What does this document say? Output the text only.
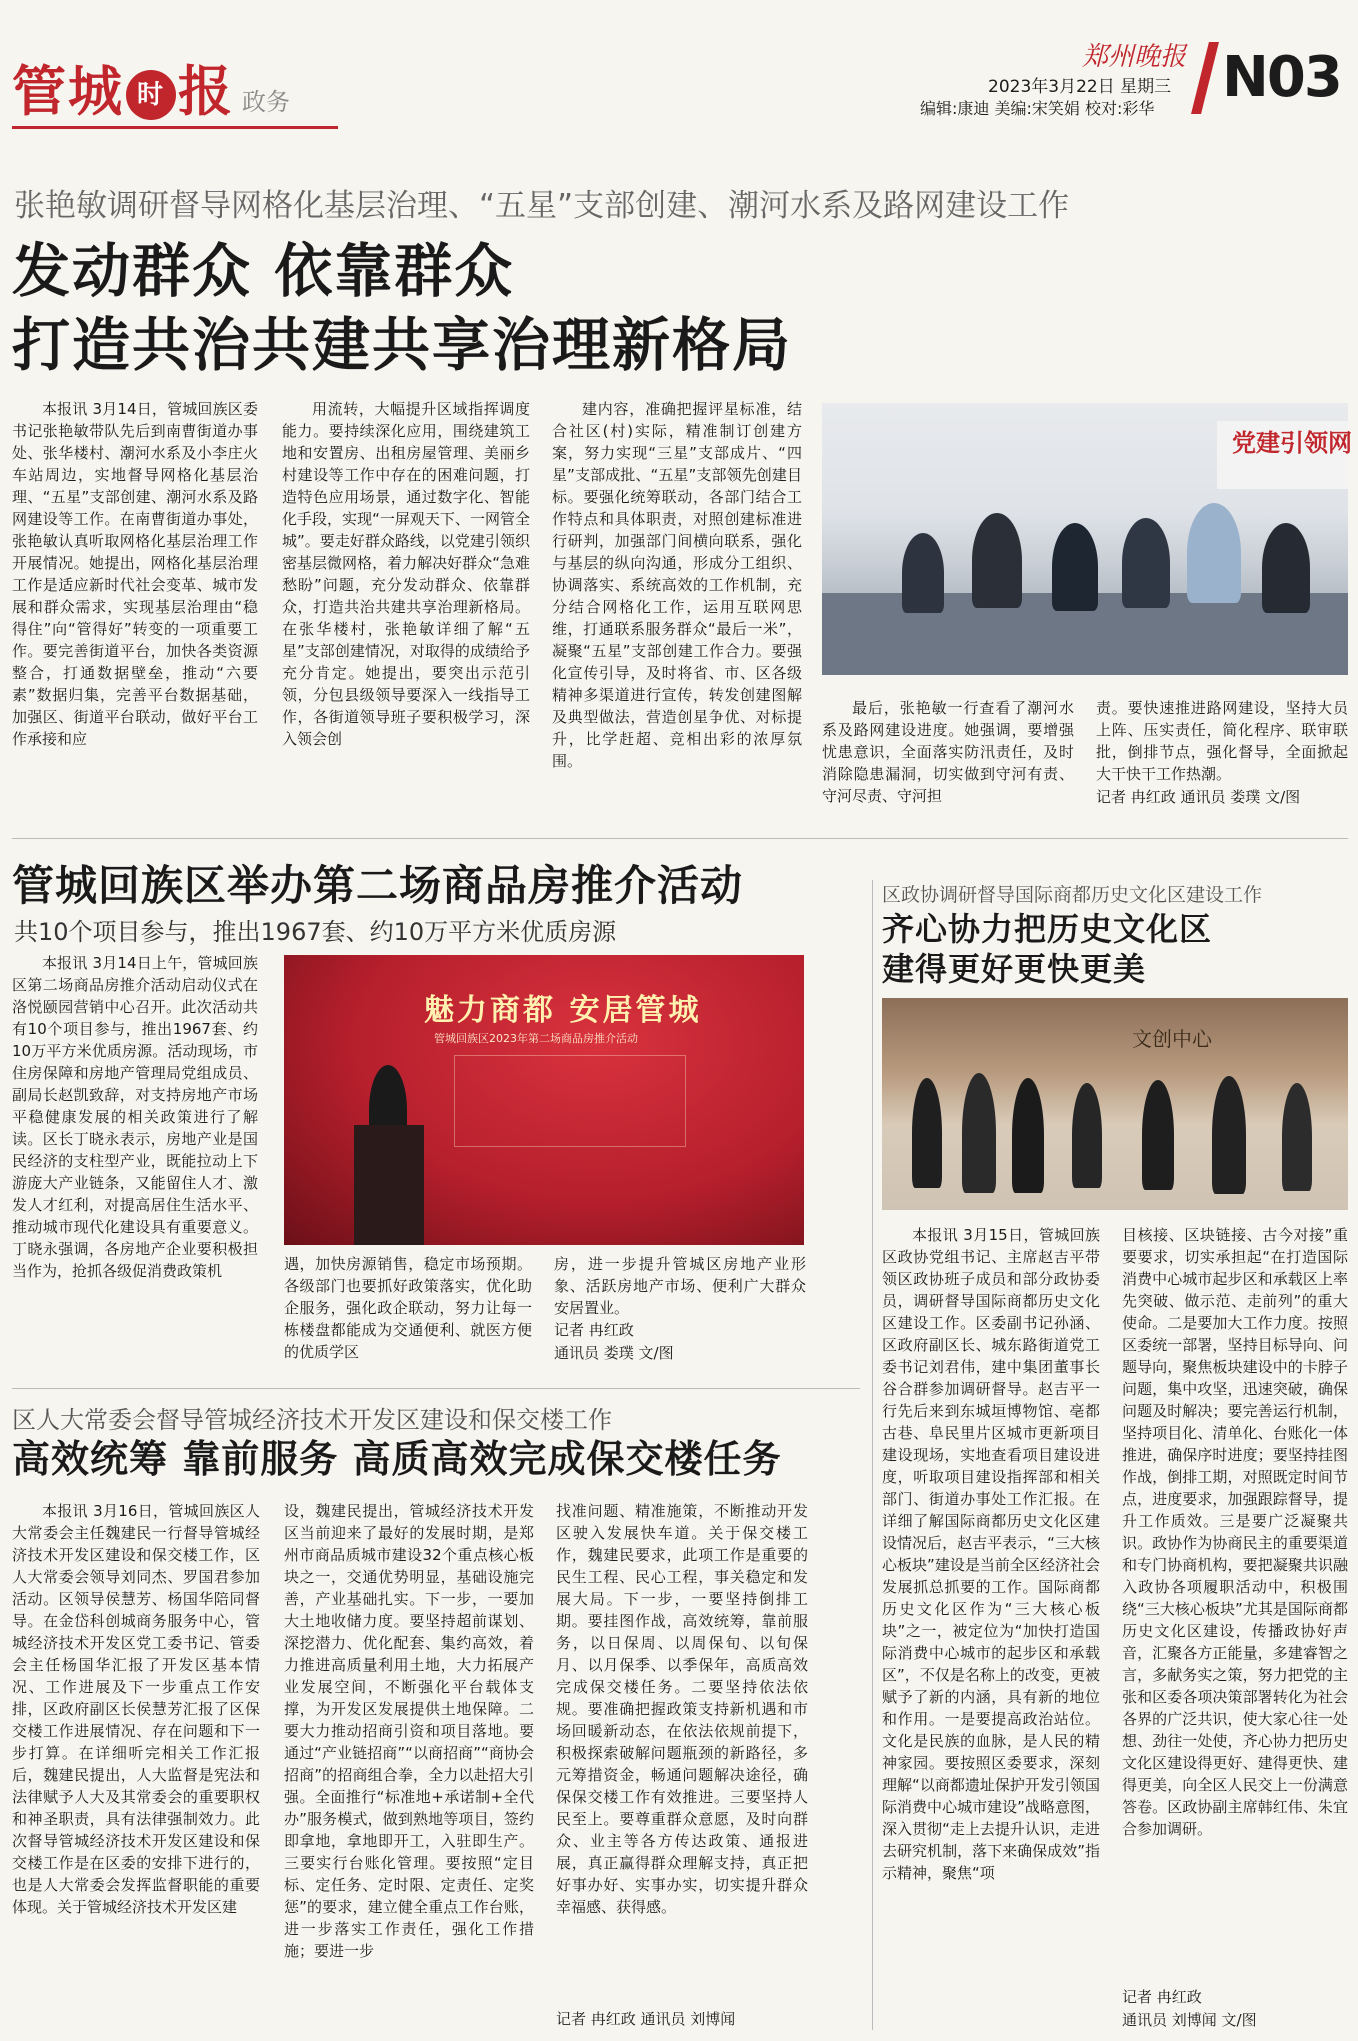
管城 时 报 政务
郑州晚报
2023年3月22日 星期三
编辑:康迪 美编:宋笑娟 校对:彩华 N03
张艳敏调研督导网格化基层治理、“五星”支部创建、潮河水系及路网建设工作
发动群众 依靠群众
打造共治共建共享治理新格局

本报讯 3月14日，管城回族区委书记张艳敏带队先后到南曹街道办事处、张华楼村、潮河水系及小李庄火车站周边，实地督导网格化基层治理、“五星”支部创建、潮河水系及路网建设等工作。在南曹街道办事处，张艳敏认真听取网格化基层治理工作开展情况。她提出，网格化基层治理工作是适应新时代社会变革、城市发展和群众需求，实现基层治理由“稳得住”向“管得好”转变的一项重要工作。要完善街道平台，加快各类资源整合，打通数据壁垒，推动“六要素”数据归集，完善平台数据基础，加强区、街道平台联动，做好平台工作承接和应

用流转，大幅提升区域指挥调度能力。要持续深化应用，围绕建筑工地和安置房、出租房屋管理、美丽乡村建设等工作中存在的困难问题，打造特色应用场景，通过数字化、智能化手段，实现“一屏观天下、一网管全城”。要走好群众路线，以党建引领织密基层微网格，着力解决好群众“急难愁盼”问题，充分发动群众、依靠群众，打造共治共建共享治理新格局。在张华楼村，张艳敏详细了解“五星”支部创建情况，对取得的成绩给予充分肯定。她提出，要突出示范引领，分包县级领导要深入一线指导工作，各街道领导班子要积极学习，深入领会创

建内容，准确把握评星标准，结合社区(村)实际，精准制订创建方案，努力实现“三星”支部成片、“四星”支部成批、“五星”支部领先创建目标。要强化统筹联动，各部门结合工作特点和具体职责，对照创建标准进行研判，加强部门间横向联系，强化与基层的纵向沟通，形成分工组织、协调落实、系统高效的工作机制，充分结合网格化工作，运用互联网思维，打通联系服务群众“最后一米”，凝聚“五星”支部创建工作合力。要强化宣传引导，及时将省、市、区各级精神多渠道进行宣传，转发创建图解及典型做法，营造创星争优、对标提升，比学赶超、竞相出彩的浓厚氛围。

党建引领网

最后，张艳敏一行查看了潮河水系及路网建设进度。她强调，要增强忧患意识，全面落实防汛责任，及时消除隐患漏洞，切实做到守河有责、守河尽责、守河担

责。要快速推进路网建设，坚持大员上阵、压实责任，简化程序、联审联批，倒排节点，强化督导，全面掀起大干快干工作热潮。

记者 冉红政 通讯员 娄璞 文/图
管城回族区举办第二场商品房推介活动
共10个项目参与，推出1967套、约10万平方米优质房源

本报讯 3月14日上午，管城回族区第二场商品房推介活动启动仪式在洛悦颐园营销中心召开。此次活动共有10个项目参与，推出1967套、约10万平方米优质房源。活动现场，市住房保障和房地产管理局党组成员、副局长赵凯致辞，对支持房地产市场平稳健康发展的相关政策进行了解读。区长丁晓永表示，房地产业是国民经济的支柱型产业，既能拉动上下游庞大产业链条，又能留住人才、激发人才红利，对提高居住生活水平、推动城市现代化建设具有重要意义。丁晓永强调，各房地产企业要积极担当作为，抢抓各级促消费政策机

魅力商都 安居管城
管城回族区2023年第二场商品房推介活动

遇，加快房源销售，稳定市场预期。各级部门也要抓好政策落实，优化助企服务，强化政企联动，努力让每一栋楼盘都能成为交通便利、就医方便的优质学区

房，进一步提升管城区房地产业形象、活跃房地产市场、便利广大群众安居置业。

记者 冉红政
通讯员 娄璞 文/图
区政协调研督导国际商都历史文化区建设工作
齐心协力把历史文化区
建得更好更快更美
文创中心

本报讯 3月15日，管城回族区政协党组书记、主席赵吉平带领区政协班子成员和部分政协委员，调研督导国际商都历史文化区建设工作。区委副书记孙涵、区政府副区长、城东路街道党工委书记刘君伟，建中集团董事长谷合群参加调研督导。赵吉平一行先后来到东城垣博物馆、亳都古巷、阜民里片区城市更新项目建设现场，实地查看项目建设进度，听取项目建设指挥部和相关部门、街道办事处工作汇报。在详细了解国际商都历史文化区建设情况后，赵吉平表示，“三大核心板块”建设是当前全区经济社会发展抓总抓要的工作。国际商都历史文化区作为“三大核心板块”之一，被定位为“加快打造国际消费中心城市的起步区和承载区”，不仅是名称上的改变，更被赋予了新的内涵，具有新的地位和作用。一是要提高政治站位。文化是民族的血脉，是人民的精神家园。要按照区委要求，深刻理解“以商都遗址保护开发引领国际消费中心城市建设”战略意图，深入贯彻“走上去提升认识，走进去研究机制，落下来确保成效”指示精神，聚焦“项

目核接、区块链接、古今对接”重要要求，切实承担起“在打造国际消费中心城市起步区和承载区上率先突破、做示范、走前列”的重大使命。二是要加大工作力度。按照区委统一部署，坚持目标导向、问题导向，聚焦板块建设中的卡脖子问题，集中攻坚，迅速突破，确保问题及时解决；要完善运行机制，坚持项目化、清单化、台账化一体推进，确保序时进度；要坚持挂图作战，倒排工期，对照既定时间节点，进度要求，加强跟踪督导，提升工作质效。三是要广泛凝聚共识。政协作为协商民主的重要渠道和专门协商机构，要把凝聚共识融入政协各项履职活动中，积极围绕“三大核心板块”尤其是国际商都历史文化区建设，传播政协好声音，汇聚各方正能量，多建睿智之言，多献务实之策，努力把党的主张和区委各项决策部署转化为社会各界的广泛共识，使大家心往一处想、劲往一处使，齐心协力把历史文化区建设得更好、建得更快、建得更美，向全区人民交上一份满意答卷。区政协副主席韩红伟、朱宜合参加调研。

记者 冉红政
通讯员 刘博闻 文/图
区人大常委会督导管城经济技术开发区建设和保交楼工作
高效统筹 靠前服务 高质高效完成保交楼任务

本报讯 3月16日，管城回族区人大常委会主任魏建民一行督导管城经济技术开发区建设和保交楼工作，区人大常委会领导刘同杰、罗国君参加活动。区领导侯慧芳、杨国华陪同督导。在金岱科创城商务服务中心，管城经济技术开发区党工委书记、管委会主任杨国华汇报了开发区基本情况、工作进展及下一步重点工作安排，区政府副区长侯慧芳汇报了区保交楼工作进展情况、存在问题和下一步打算。在详细听完相关工作汇报后，魏建民提出，人大监督是宪法和法律赋予人大及其常委会的重要职权和神圣职责，具有法律强制效力。此次督导管城经济技术开发区建设和保交楼工作是在区委的安排下进行的，也是人大常委会发挥监督职能的重要体现。关于管城经济技术开发区建

设，魏建民提出，管城经济技术开发区当前迎来了最好的发展时期，是郑州市商品质城市建设32个重点核心板块之一，交通优势明显，基础设施完善，产业基础扎实。下一步，一要加大土地收储力度。要坚持超前谋划、深挖潜力、优化配套、集约高效，着力推进高质量利用土地，大力拓展产业发展空间，不断强化平台载体支撑，为开发区发展提供土地保障。二要大力推动招商引资和项目落地。要通过“产业链招商”“以商招商”“商协会招商”的招商组合拳，全力以赴招大引强。全面推行“标准地+承诺制+全代办”服务模式，做到熟地等项目，签约即拿地，拿地即开工，入驻即生产。三要实行台账化管理。要按照“定目标、定任务、定时限、定责任、定奖惩”的要求，建立健全重点工作台账，进一步落实工作责任，强化工作措施；要进一步

找准问题、精准施策，不断推动开发区驶入发展快车道。关于保交楼工作，魏建民要求，此项工作是重要的民生工程、民心工程，事关稳定和发展大局。下一步，一要坚持倒排工期。要挂图作战，高效统筹，靠前服务，以日保周、以周保旬、以旬保月、以月保季、以季保年，高质高效完成保交楼任务。二要坚持依法依规。要准确把握政策支持新机遇和市场回暖新动态，在依法依规前提下，积极探索破解问题瓶颈的新路径，多元筹措资金，畅通问题解决途径，确保保交楼工作有效推进。三要坚持人民至上。要尊重群众意愿，及时向群众、业主等各方传达政策、通报进展，真正赢得群众理解支持，真正把好事办好、实事办实，切实提升群众幸福感、获得感。

记者 冉红政 通讯员 刘博闻
